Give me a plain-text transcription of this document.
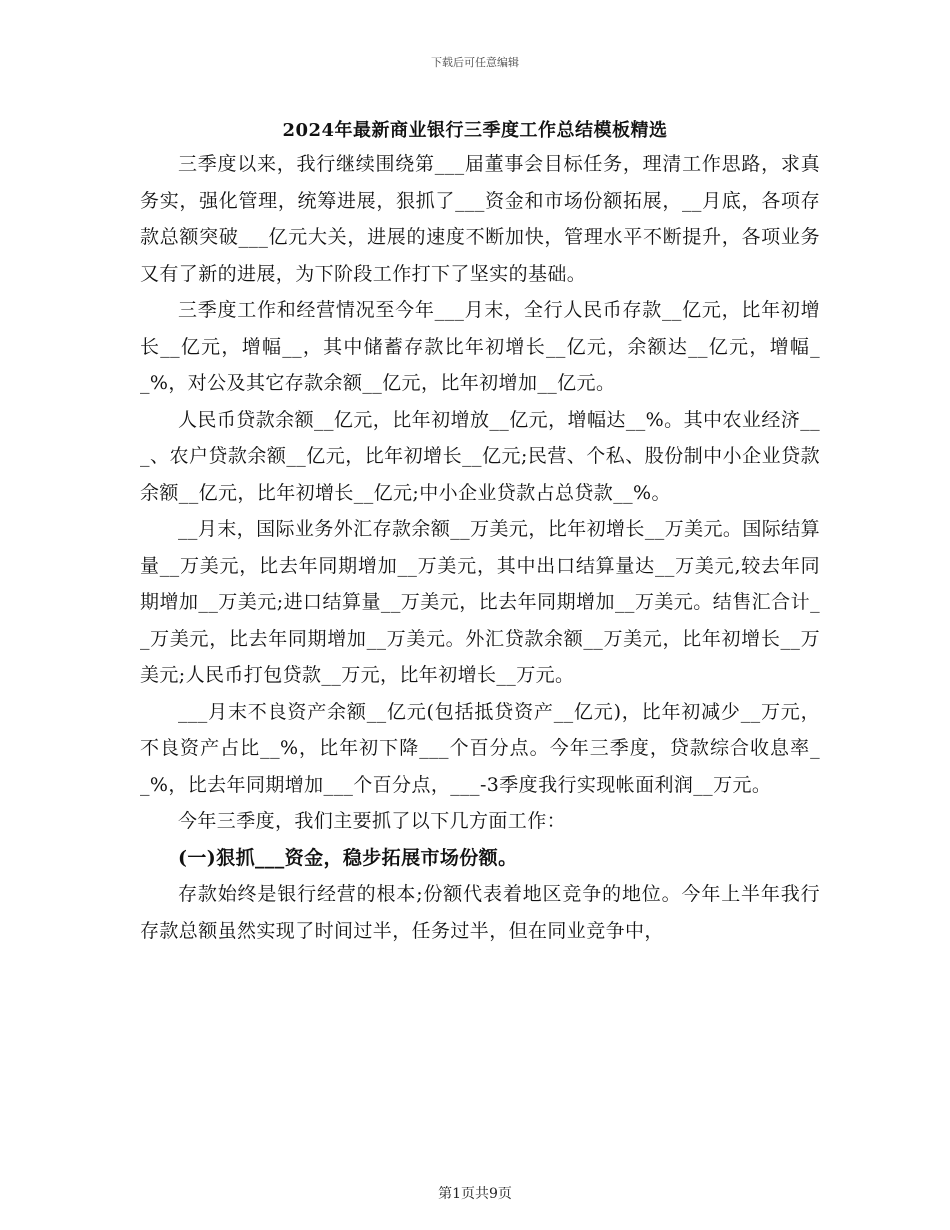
下载后可任意编辑
2024年最新商业银行三季度工作总结模板精选

三季度以来，我行继续围绕第___届董事会目标任务，理清工作思路，求真务实，强化管理，统筹进展，狠抓了___资金和市场份额拓展，__月底，各项存款总额突破___亿元大关，进展的速度不断加快，管理水平不断提升，各项业务又有了新的进展，为下阶段工作打下了坚实的基础。

三季度工作和经营情况至今年___月末，全行人民币存款__亿元，比年初增长__亿元，增幅__，其中储蓄存款比年初增长__亿元，余额达__亿元，增幅__%，对公及其它存款余额__亿元，比年初增加__亿元。

人民币贷款余额__亿元，比年初增放__亿元，增幅达__%。其中农业经济___、农户贷款余额__亿元，比年初增长__亿元;民营、个私、股份制中小企业贷款余额__亿元，比年初增长__亿元;中小企业贷款占总贷款__%。

__月末，国际业务外汇存款余额__万美元，比年初增长__万美元。国际结算量__万美元，比去年同期增加__万美元，其中出口结算量达__万美元,较去年同期增加__万美元;进口结算量__万美元，比去年同期增加__万美元。结售汇合计__万美元，比去年同期增加__万美元。外汇贷款余额__万美元，比年初增长__万美元;人民币打包贷款__万元，比年初增长__万元。

___月末不良资产余额__亿元(包括抵贷资产__亿元)，比年初减少__万元，不良资产占比__%，比年初下降___个百分点。今年三季度，贷款综合收息率__%，比去年同期增加___个百分点，___-3季度我行实现帐面利润__万元。

今年三季度，我们主要抓了以下几方面工作：

(一)狠抓___资金，稳步拓展市场份额。

存款始终是银行经营的根本;份额代表着地区竞争的地位。今年上半年我行存款总额虽然实现了时间过半，任务过半，但在同业竞争中，

第1页共9页
